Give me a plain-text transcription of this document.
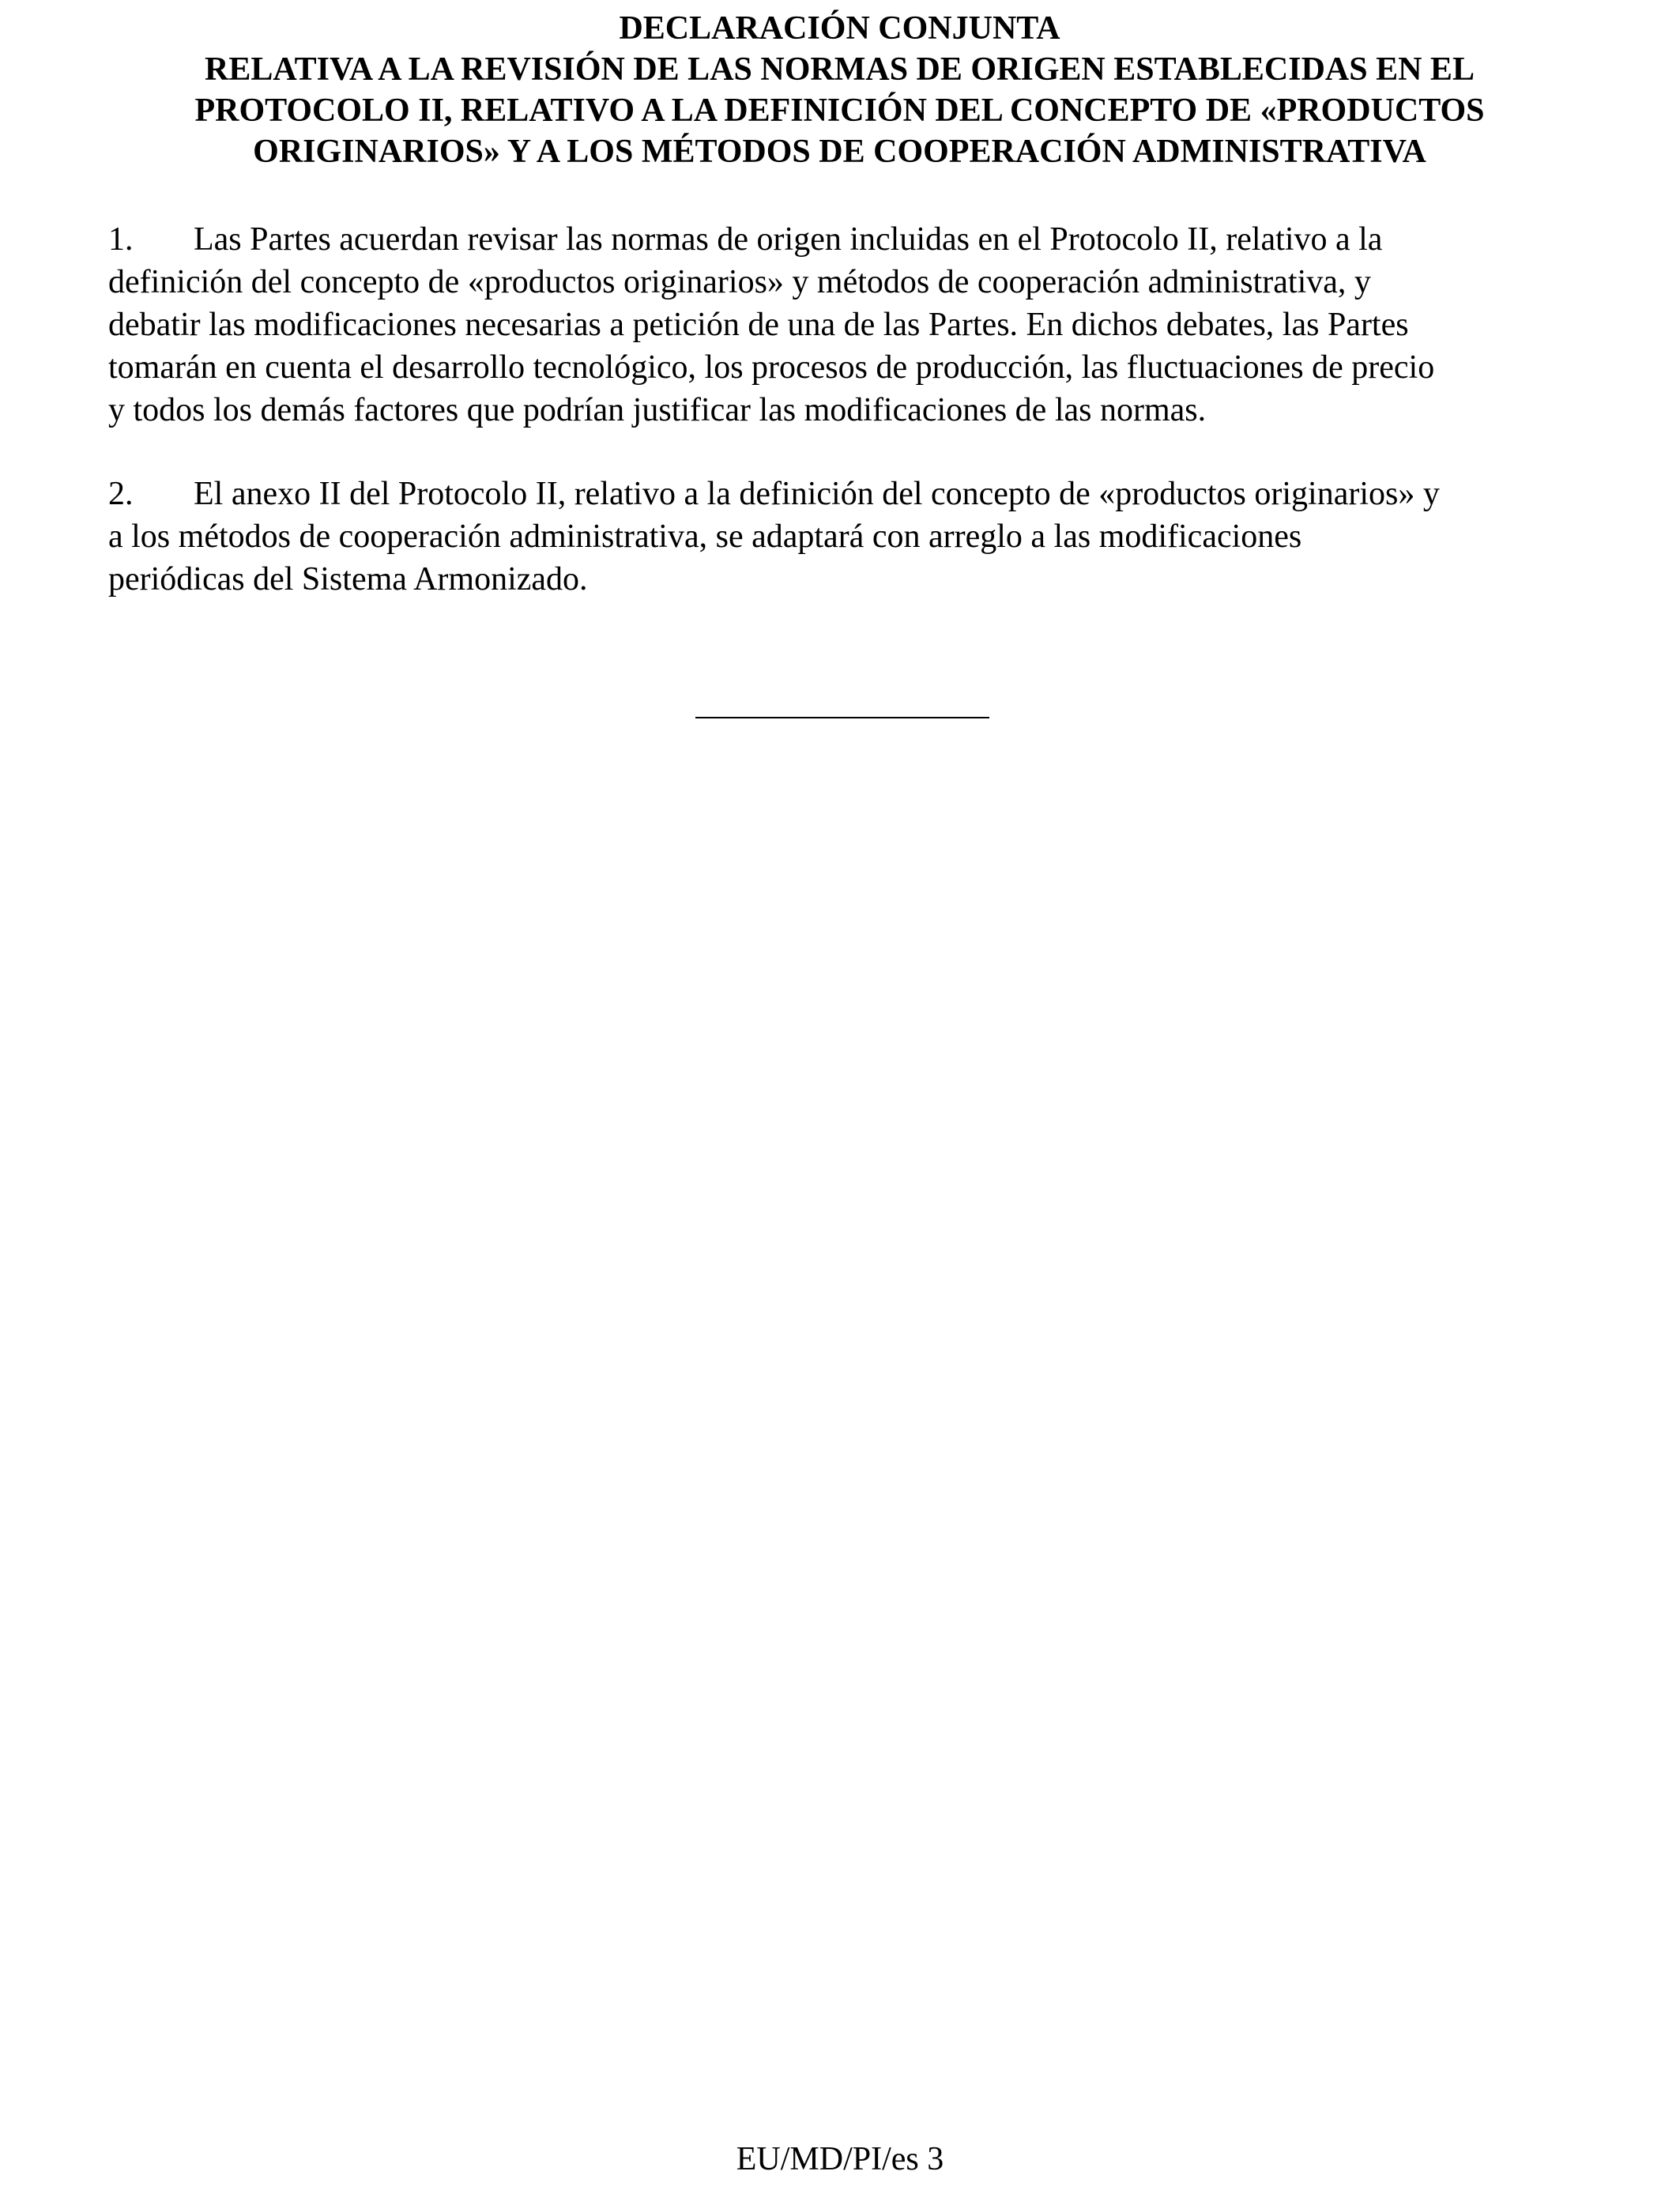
DECLARACIÓN CONJUNTA
RELATIVA A LA REVISIÓN DE LAS NORMAS DE ORIGEN ESTABLECIDAS EN EL
PROTOCOLO II, RELATIVO A LA DEFINICIÓN DEL CONCEPTO DE «PRODUCTOS
ORIGINARIOS» Y A LOS MÉTODOS DE COOPERACIÓN ADMINISTRATIVA
1. Las Partes acuerdan revisar las normas de origen incluidas en el Protocolo II, relativo a la
definición del concepto de «productos originarios» y métodos de cooperación administrativa, y
debatir las modificaciones necesarias a petición de una de las Partes. En dichos debates, las Partes
tomarán en cuenta el desarrollo tecnológico, los procesos de producción, las fluctuaciones de precio
y todos los demás factores que podrían justificar las modificaciones de las normas.
2. El anexo II del Protocolo II, relativo a la definición del concepto de «productos originarios» y
a los métodos de cooperación administrativa, se adaptará con arreglo a las modificaciones
periódicas del Sistema Armonizado.
EU/MD/PI/es 3
